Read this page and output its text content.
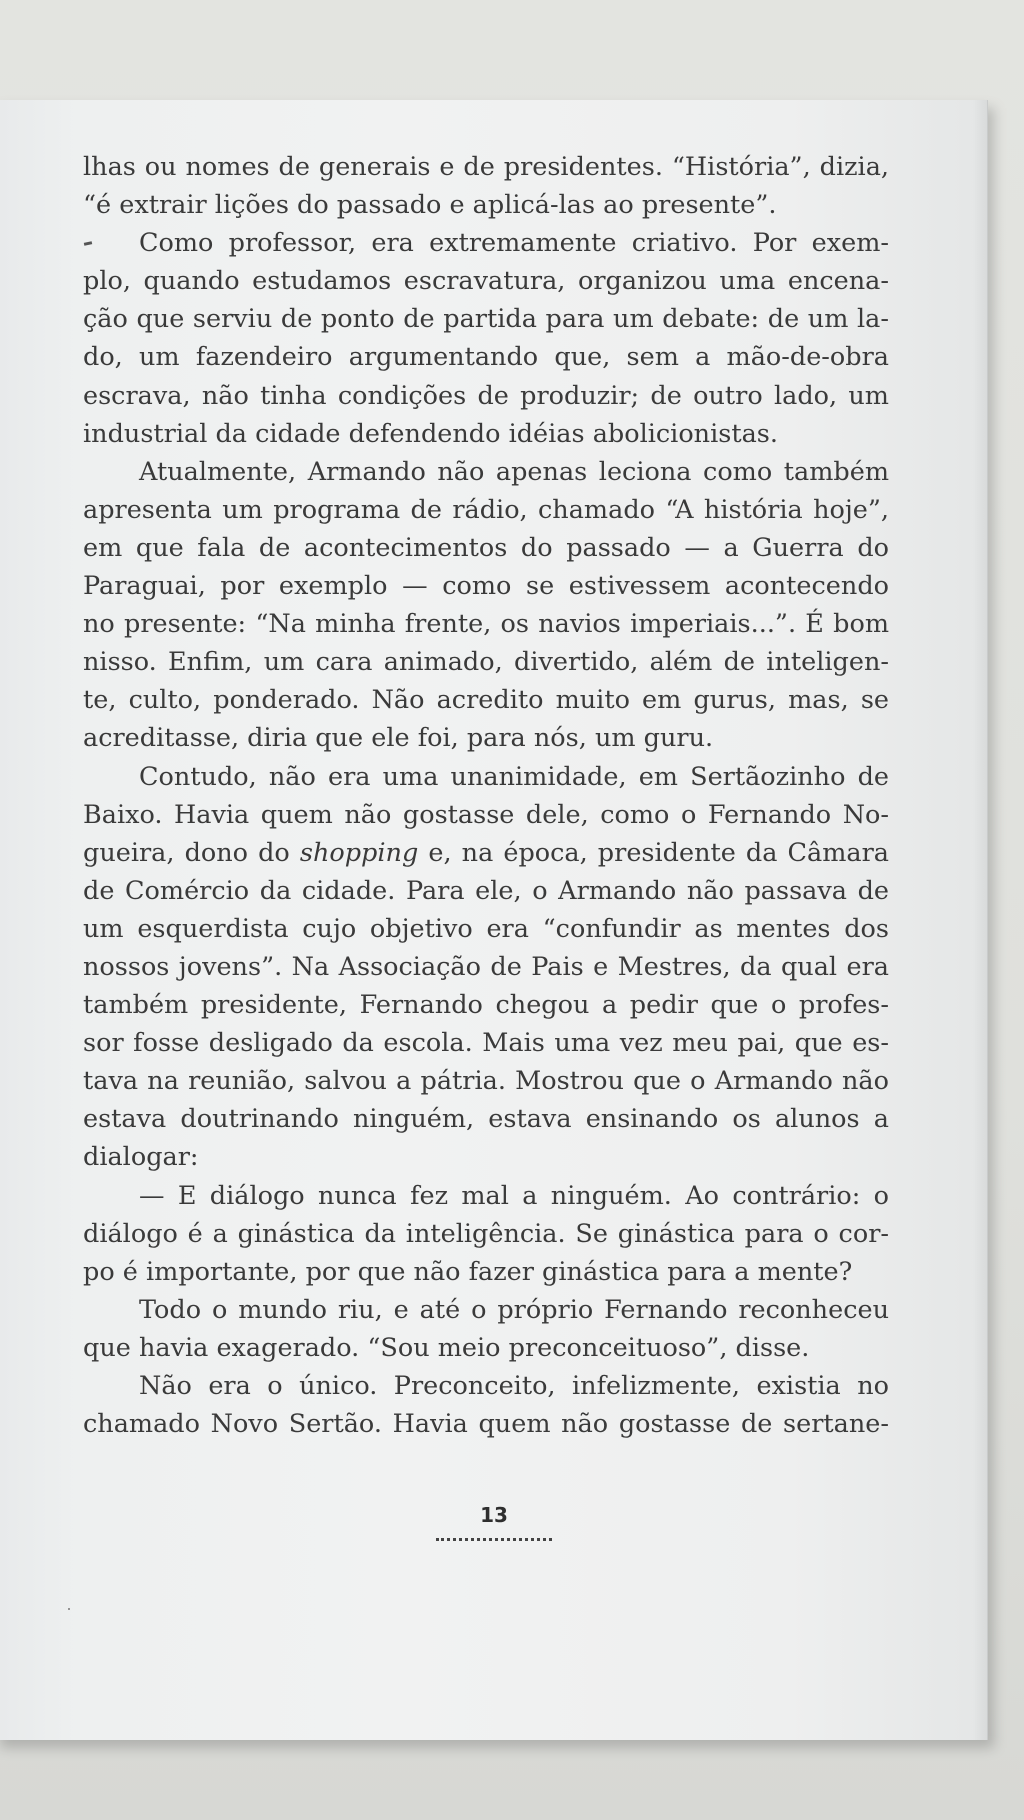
lhas ou nomes de generais e de presidentes. “História”, dizia,
“é extrair lições do passado e aplicá-las ao presente”.
Como professor, era extremamente criativo. Por exem-
plo, quando estudamos escravatura, organizou uma encena-
ção que serviu de ponto de partida para um debate: de um la-
do, um fazendeiro argumentando que, sem a mão-de-obra
escrava, não tinha condições de produzir; de outro lado, um
industrial da cidade defendendo idéias abolicionistas.
Atualmente, Armando não apenas leciona como também
apresenta um programa de rádio, chamado “A história hoje”,
em que fala de acontecimentos do passado — a Guerra do
Paraguai, por exemplo — como se estivessem acontecendo
no presente: “Na minha frente, os navios imperiais...”. É bom
nisso. Enfim, um cara animado, divertido, além de inteligen-
te, culto, ponderado. Não acredito muito em gurus, mas, se
acreditasse, diria que ele foi, para nós, um guru.
Contudo, não era uma unanimidade, em Sertãozinho de
Baixo. Havia quem não gostasse dele, como o Fernando No-
gueira, dono do shopping e, na época, presidente da Câmara
de Comércio da cidade. Para ele, o Armando não passava de
um esquerdista cujo objetivo era “confundir as mentes dos
nossos jovens”. Na Associação de Pais e Mestres, da qual era
também presidente, Fernando chegou a pedir que o profes-
sor fosse desligado da escola. Mais uma vez meu pai, que es-
tava na reunião, salvou a pátria. Mostrou que o Armando não
estava doutrinando ninguém, estava ensinando os alunos a
dialogar:
— E diálogo nunca fez mal a ninguém. Ao contrário: o
diálogo é a ginástica da inteligência. Se ginástica para o cor-
po é importante, por que não fazer ginástica para a mente?
Todo o mundo riu, e até o próprio Fernando reconheceu
que havia exagerado. “Sou meio preconceituoso”, disse.
Não era o único. Preconceito, infelizmente, existia no
chamado Novo Sertão. Havia quem não gostasse de sertane-
13
